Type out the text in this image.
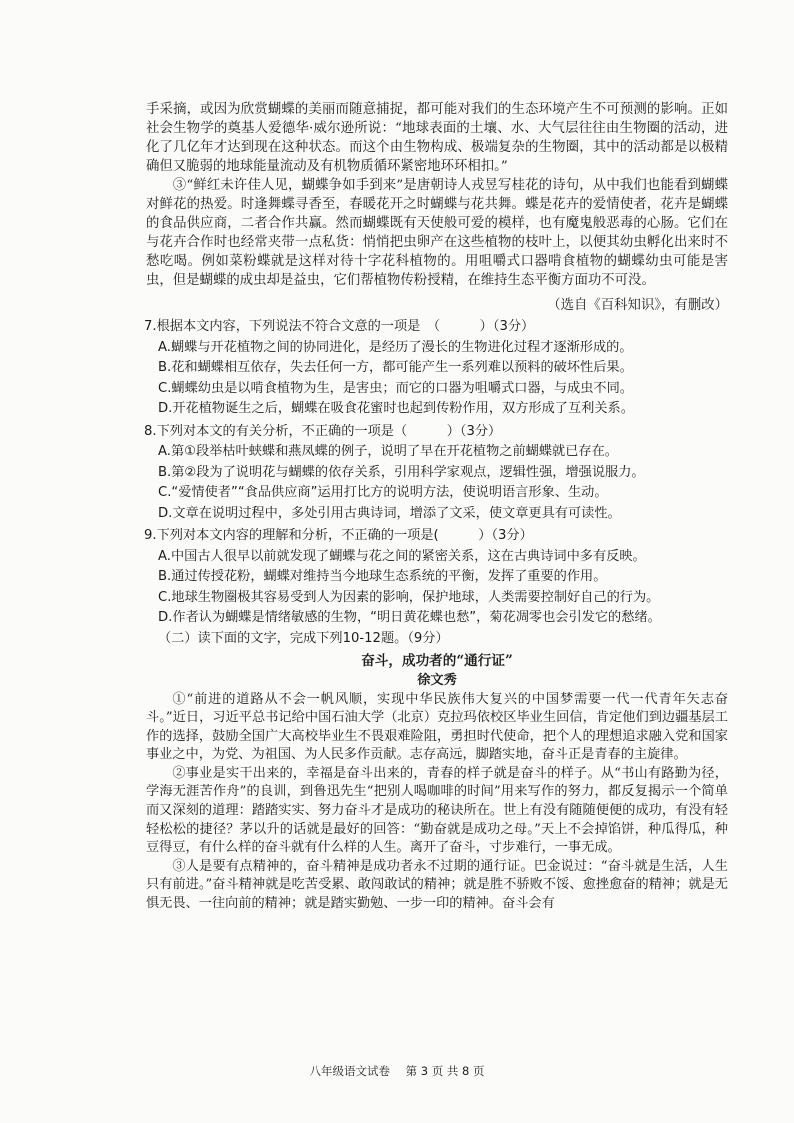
手采摘，或因为欣赏蝴蝶的美丽而随意捕捉，都可能对我们的生态环境产生不可预测的影响。正如社会生物学的奠基人爱德华·威尔逊所说：“地球表面的土壤、水、大气层往往由生物圈的活动，进化了几亿年才达到现在这种状态。而这个由生物构成、极端复杂的生物圈，其中的活动都是以极精确但又脆弱的地球能量流动及有机物质循环紧密地环环相扣。”

③“鲜红未许佳人见，蝴蝶争如手到来”是唐朝诗人戎昱写桂花的诗句，从中我们也能看到蝴蝶对鲜花的热爱。时逢舞蝶寻香至，春暖花开之时蝴蝶与花共舞。蝶是花卉的爱情使者，花卉是蝴蝶的食品供应商，二者合作共赢。然而蝴蝶既有天使般可爱的模样，也有魔鬼般恶毒的心肠。它们在与花卉合作时也经常夹带一点私货：悄悄把虫卵产在这些植物的枝叶上，以便其幼虫孵化出来时不愁吃喝。例如菜粉蝶就是这样对待十字花科植物的。用咀嚼式口器啃食植物的蝴蝶幼虫可能是害虫，但是蝴蝶的成虫却是益虫，它们帮植物传粉授精，在维持生态平衡方面功不可没。

（选自《百科知识》，有删改）

7.根据本文内容，下列说法不符合文意的一项是　（　　　）（3分）

A.蝴蝶与开花植物之间的协同进化，是经历了漫长的生物进化过程才逐渐形成的。

B.花和蝴蝶相互依存，失去任何一方，都可能产生一系列难以预料的破坏性后果。

C.蝴蝶幼虫是以啃食植物为生，是害虫；而它的口器为咀嚼式口器，与成虫不同。

D.开花植物诞生之后，蝴蝶在吸食花蜜时也起到传粉作用，双方形成了互利关系。

8.下列对本文的有关分析，不正确的一项是（　　　）（3分）

A.第①段举枯叶蛱蝶和燕凤蝶的例子，说明了早在开花植物之前蝴蝶就已存在。

B.第②段为了说明花与蝴蝶的依存关系，引用科学家观点，逻辑性强，增强说服力。

C.“爱情使者”“食品供应商”运用打比方的说明方法，使说明语言形象、生动。

D.文章在说明过程中，多处引用古典诗词，增添了文采，使文章更具有可读性。

9.下列对本文内容的理解和分析，不正确的一项是(　　　）（3分）

A.中国古人很早以前就发现了蝴蝶与花之间的紧密关系，这在古典诗词中多有反映。

B.通过传授花粉，蝴蝶对维持当今地球生态系统的平衡，发挥了重要的作用。

C.地球生物圈极其容易受到人为因素的影响，保护地球，人类需要控制好自己的行为。

D.作者认为蝴蝶是情绪敏感的生物，“明日黄花蝶也愁”，菊花凋零也会引发它的愁绪。

（二）读下面的文字，完成下列10-12题。（9分）

奋斗，成功者的“通行证”

徐文秀

①“前进的道路从不会一帆风顺，实现中华民族伟大复兴的中国梦需要一代一代青年矢志奋斗。”近日，习近平总书记给中国石油大学（北京）克拉玛依校区毕业生回信，肯定他们到边疆基层工作的选择，鼓励全国广大高校毕业生不畏艰难险阻，勇担时代使命，把个人的理想追求融入党和国家事业之中，为党、为祖国、为人民多作贡献。志存高远，脚踏实地，奋斗正是青春的主旋律。

②事业是实干出来的，幸福是奋斗出来的，青春的样子就是奋斗的样子。从“书山有路勤为径，学海无涯苦作舟”的良训，到鲁迅先生“把别人喝咖啡的时间”用来写作的努力，都反复揭示一个简单而又深刻的道理：踏踏实实、努力奋斗才是成功的秘诀所在。世上有没有随随便便的成功，有没有轻轻松松的捷径？茅以升的话就是最好的回答：“勤奋就是成功之母。”天上不会掉馅饼，种瓜得瓜，种豆得豆，有什么样的奋斗就有什么样的人生。离开了奋斗，寸步难行，一事无成。

③人是要有点精神的，奋斗精神是成功者永不过期的通行证。巴金说过：“奋斗就是生活，人生只有前进。”奋斗精神就是吃苦受累、敢闯敢试的精神；就是胜不骄败不馁、愈挫愈奋的精神；就是无惧无畏、一往向前的精神；就是踏实勤勉、一步一印的精神。奋斗会有

八年级语文试卷 第 3 页 共 8 页
